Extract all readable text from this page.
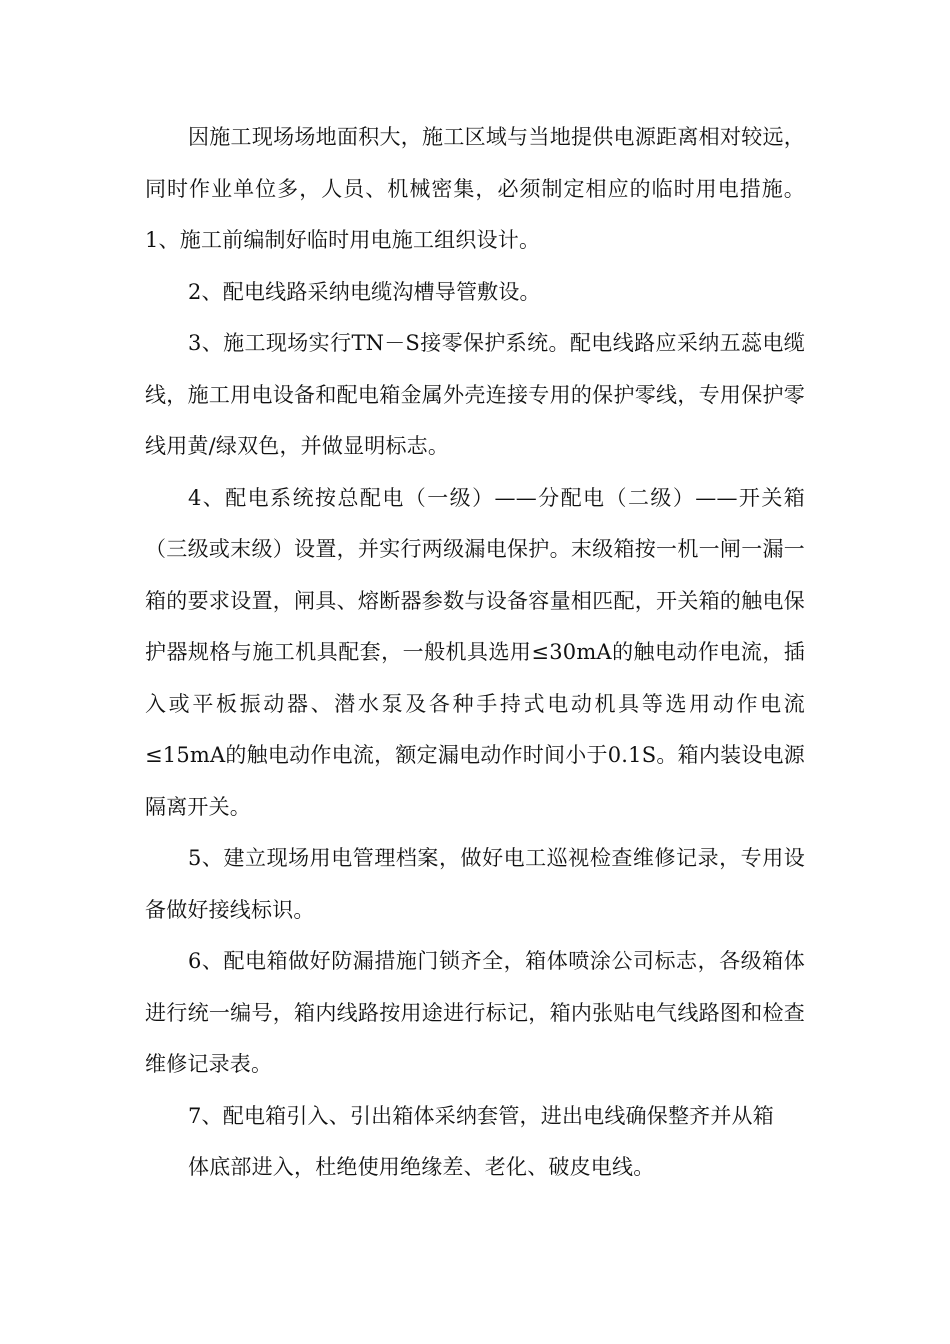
因施工现场场地面积大，施工区域与当地提供电源距离相对较远，同时作业单位多，人员、机械密集，必须制定相应的临时用电措施。1、施工前编制好临时用电施工组织设计。

2、配电线路采纳电缆沟槽导管敷设。

3、施工现场实行TN－S接零保护系统。配电线路应采纳五蕊电缆线，施工用电设备和配电箱金属外壳连接专用的保护零线，专用保护零线用黄/绿双色，并做显明标志。

4、配电系统按总配电（一级）——分配电（二级）——开关箱（三级或末级）设置，并实行两级漏电保护。末级箱按一机一闸一漏一箱的要求设置，闸具、熔断器参数与设备容量相匹配，开关箱的触电保护器规格与施工机具配套，一般机具选用≤30mA的触电动作电流，插入或平板振动器、潜水泵及各种手持式电动机具等选用动作电流≤15mA的触电动作电流，额定漏电动作时间小于0.1S。箱内装设电源隔离开关。

5、建立现场用电管理档案，做好电工巡视检查维修记录，专用设备做好接线标识。

6、配电箱做好防漏措施门锁齐全，箱体喷涂公司标志，各级箱体进行统一编号，箱内线路按用途进行标记，箱内张贴电气线路图和检查维修记录表。

7、配电箱引入、引出箱体采纳套管，进出电线确保整齐并从箱

体底部进入，杜绝使用绝缘差、老化、破皮电线。
